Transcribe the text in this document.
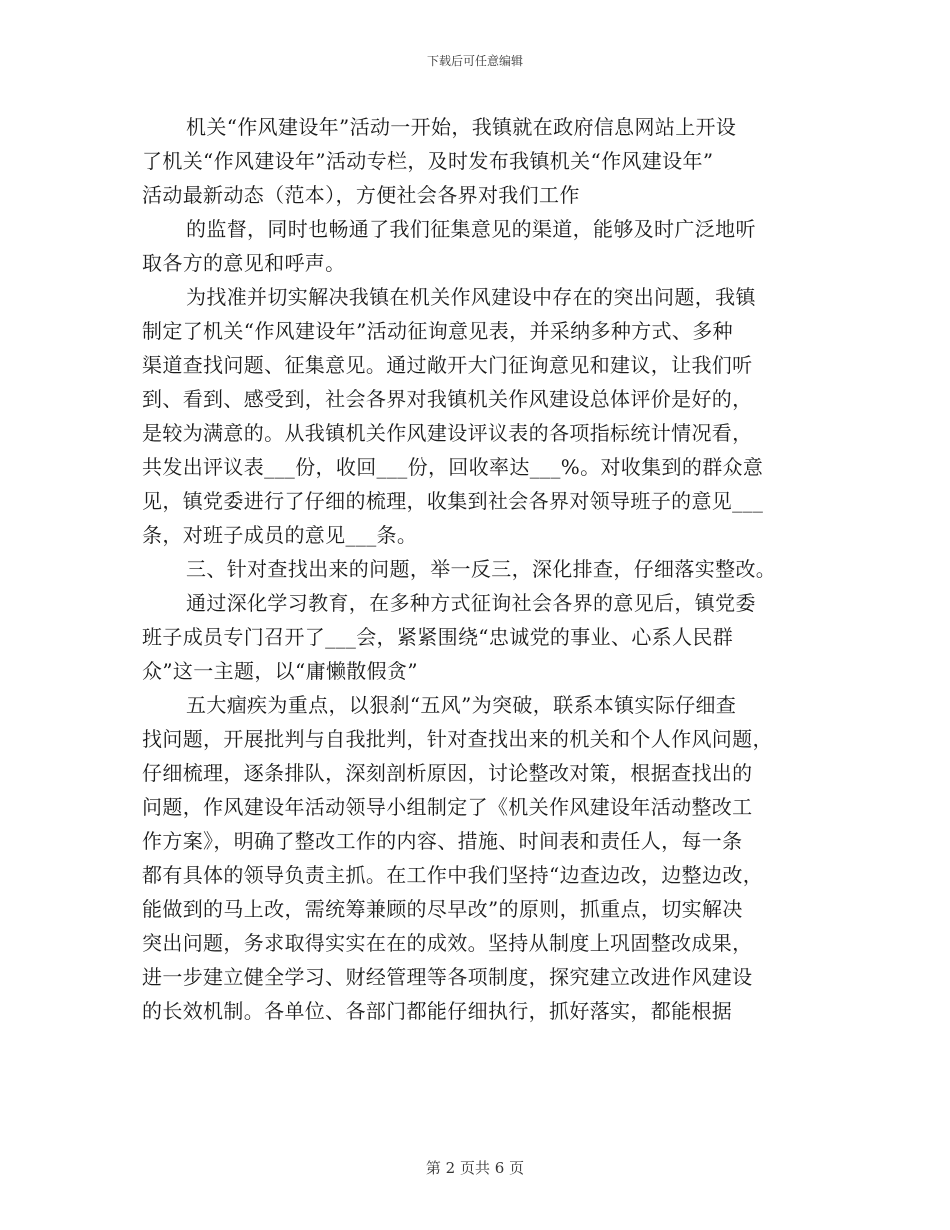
下载后可任意编辑
机关“作风建设年”活动一开始，我镇就在政府信息网站上开设
了机关“作风建设年”活动专栏，及时发布我镇机关“作风建设年”
活动最新动态（范本），方便社会各界对我们工作
的监督，同时也畅通了我们征集意见的渠道，能够及时广泛地听
取各方的意见和呼声。
为找准并切实解决我镇在机关作风建设中存在的突出问题，我镇
制定了机关“作风建设年”活动征询意见表，并采纳多种方式、多种
渠道查找问题、征集意见。通过敞开大门征询意见和建议，让我们听
到、看到、感受到，社会各界对我镇机关作风建设总体评价是好的，
是较为满意的。从我镇机关作风建设评议表的各项指标统计情况看，
共发出评议表___份，收回___份，回收率达___%。对收集到的群众意
见，镇党委进行了仔细的梳理，收集到社会各界对领导班子的意见___
条，对班子成员的意见___条。
三、针对查找出来的问题，举一反三，深化排查，仔细落实整改。
通过深化学习教育，在多种方式征询社会各界的意见后，镇党委
班子成员专门召开了___会，紧紧围绕“忠诚党的事业、心系人民群
众”这一主题，以“庸懒散假贪”
五大痼疾为重点，以狠刹“五风”为突破，联系本镇实际仔细查
找问题，开展批判与自我批判，针对查找出来的机关和个人作风问题，
仔细梳理，逐条排队，深刻剖析原因，讨论整改对策，根据查找出的
问题，作风建设年活动领导小组制定了《机关作风建设年活动整改工
作方案》，明确了整改工作的内容、措施、时间表和责任人，每一条
都有具体的领导负责主抓。在工作中我们坚持“边查边改，边整边改，
能做到的马上改，需统筹兼顾的尽早改”的原则，抓重点，切实解决
突出问题，务求取得实实在在的成效。坚持从制度上巩固整改成果，
进一步建立健全学习、财经管理等各项制度，探究建立改进作风建设
的长效机制。各单位、各部门都能仔细执行，抓好落实，都能根据
第 2 页共 6 页
